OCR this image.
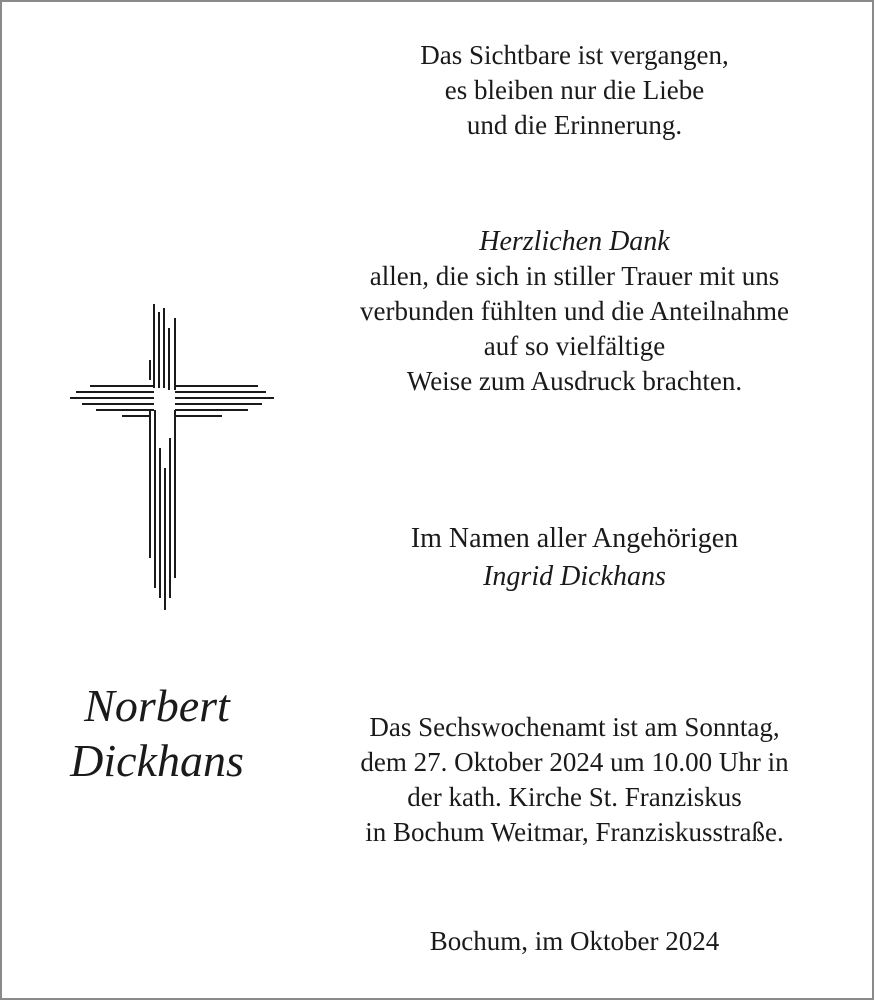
Das Sichtbare ist vergangen,
es bleiben nur die Liebe
und die Erinnerung.
Herzlichen Dank
allen, die sich in stiller Trauer mit uns
verbunden fühlten und die Anteilnahme
auf so vielfältige
Weise zum Ausdruck brachten.
Im Namen aller Angehörigen
Ingrid Dickhans
Norbert
Dickhans
Das Sechswochenamt ist am Sonntag,
dem 27. Oktober 2024 um 10.00 Uhr in
der kath. Kirche St. Franziskus
in Bochum Weitmar, Franziskusstraße.
Bochum, im Oktober 2024
